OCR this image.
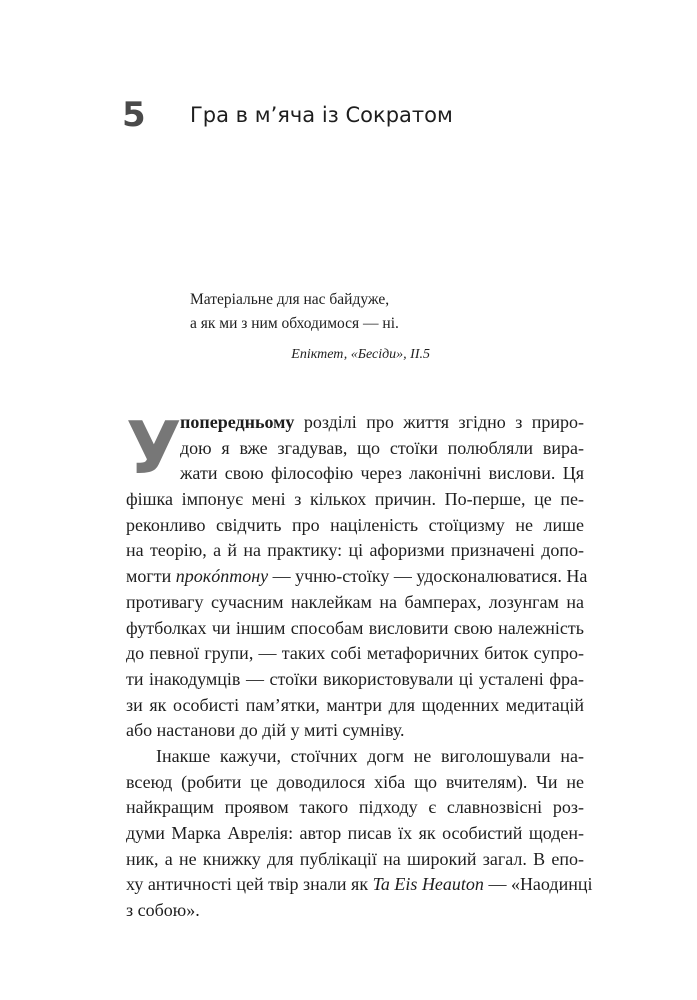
5 Гра в м’яча із Сократом
Матеріальне для нас байдуже,
а як ми з ним обходимося — ні.
Епіктет, «Бесіди», II.5
У
попередньому розділі про життя згідно з приро-
дою я вже згадував, що стоїки полюбляли вира-
жати свою філософію через лаконічні вислови. Ця
фішка імпонує мені з кількох причин. По-перше, це пе-
реконливо свідчить про націленість стоїцизму не лише
на теорію, а й на практику: ці афоризми призначені допо-
могти прокóптону — учню-стоїку — удосконалюватися. На
противагу сучасним наклейкам на бамперах, лозунгам на
футболках чи іншим способам висловити свою належність
до певної групи, — таких собі метафоричних биток супро-
ти інакодумців — стоїки використовували ці усталені фра-
зи як особисті пам’ятки, мантри для щоденних медитацій
або настанови до дій у миті сумніву.
Інакше кажучи, стоїчних догм не виголошували на-
всеюд (робити це доводилося хіба що вчителям). Чи не
найкращим проявом такого підходу є славнозвісні роз-
думи Марка Аврелія: автор писав їх як особистий щоден-
ник, а не книжку для публікації на широкий загал. В епо-
ху античності цей твір знали як Ta Eis Heauton — «Наодинці
з собою».
